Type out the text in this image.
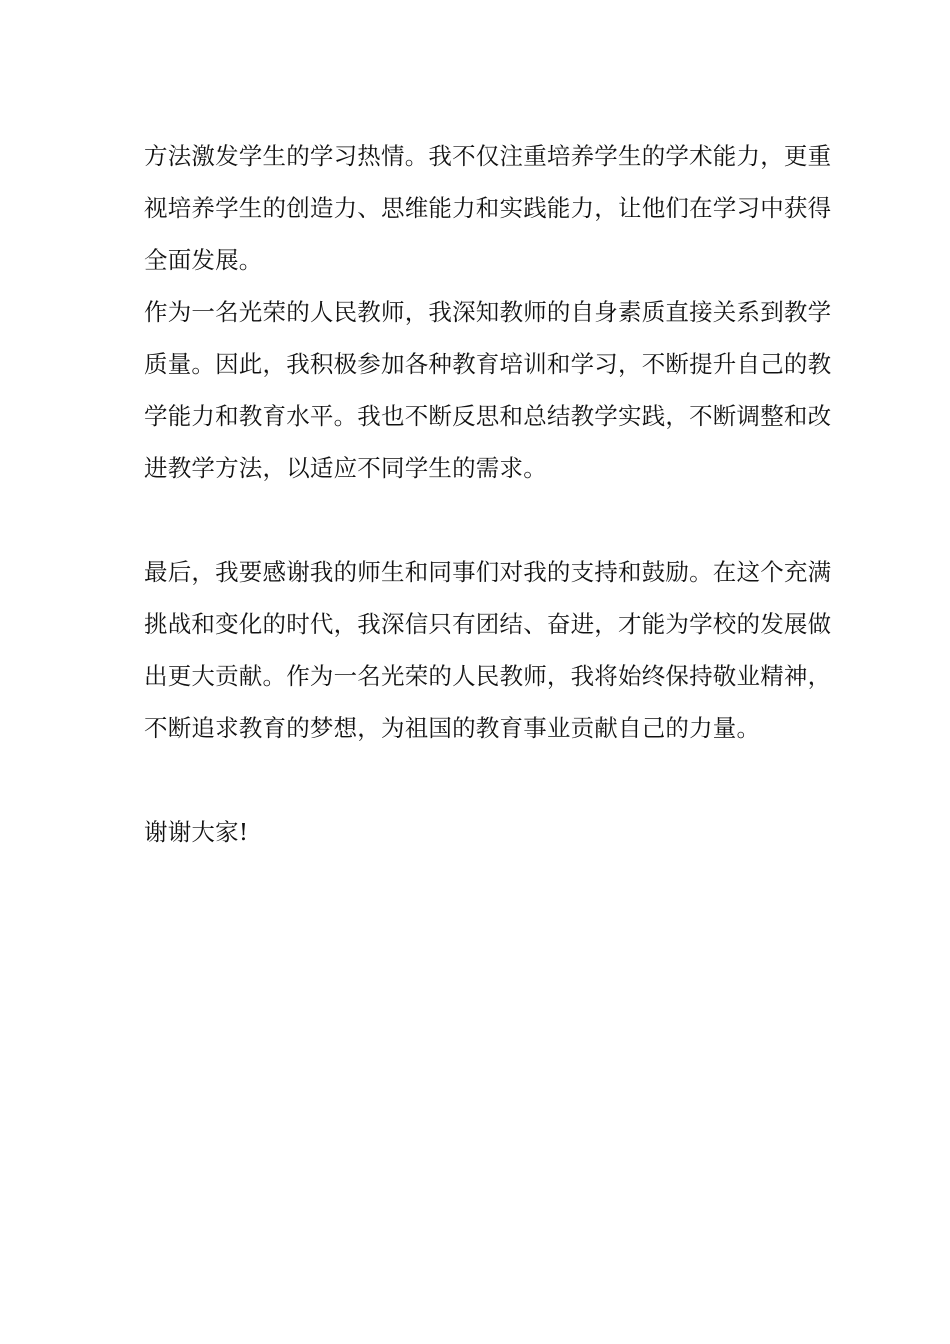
方法激发学生的学习热情。我不仅注重培养学生的学术能力，更重
视培养学生的创造力、思维能力和实践能力，让他们在学习中获得
全面发展。
作为一名光荣的人民教师，我深知教师的自身素质直接关系到教学
质量。因此，我积极参加各种教育培训和学习，不断提升自己的教
学能力和教育水平。我也不断反思和总结教学实践，不断调整和改
进教学方法，以适应不同学生的需求。
最后，我要感谢我的师生和同事们对我的支持和鼓励。在这个充满
挑战和变化的时代，我深信只有团结、奋进，才能为学校的发展做
出更大贡献。作为一名光荣的人民教师，我将始终保持敬业精神，
不断追求教育的梦想，为祖国的教育事业贡献自己的力量。
谢谢大家!
